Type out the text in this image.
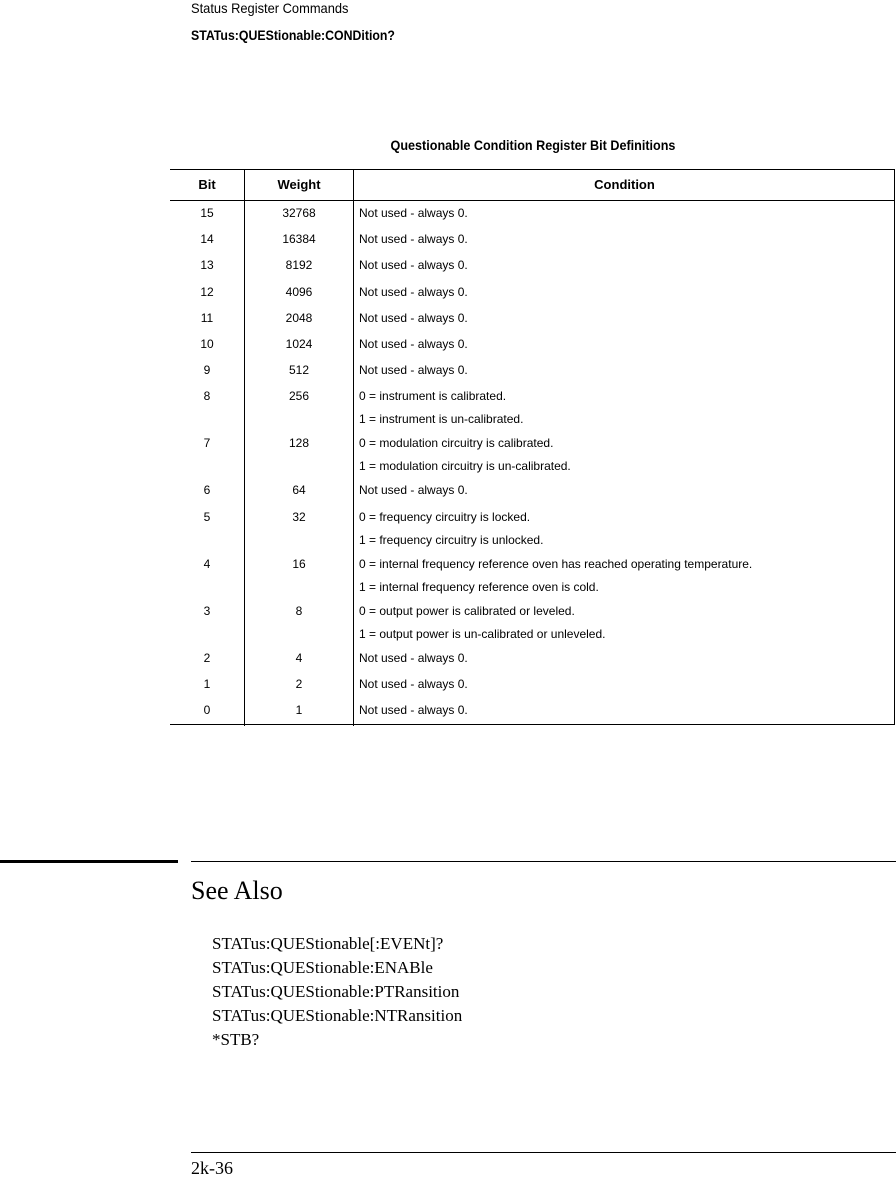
Status Register Commands
STATus:QUEStionable:CONDition?
Questionable Condition Register Bit Definitions
Bit	Weight	Condition
15	32768	Not used - always 0.
14	16384	Not used - always 0.
13	8192	Not used - always 0.
12	4096	Not used - always 0.
11	2048	Not used - always 0.
10	1024	Not used - always 0.
9	512	Not used - always 0.
8	256	0 = instrument is calibrated.
1 = instrument is un-calibrated.
7	128	0 = modulation circuitry is calibrated.
1 = modulation circuitry is un-calibrated.
6	64	Not used - always 0.
5	32	0 = frequency circuitry is locked.
1 = frequency circuitry is unlocked.
4	16	0 = internal frequency reference oven has reached operating temperature.
1 = internal frequency reference oven is cold.
3	8	0 = output power is calibrated or leveled.
1 = output power is un-calibrated or unleveled.
2	4	Not used - always 0.
1	2	Not used - always 0.
0	1	Not used - always 0.
See Also
STATus:QUEStionable[:EVENt]?
STATus:QUEStionable:ENABle
STATus:QUEStionable:PTRansition
STATus:QUEStionable:NTRansition
*STB?
2k-36
